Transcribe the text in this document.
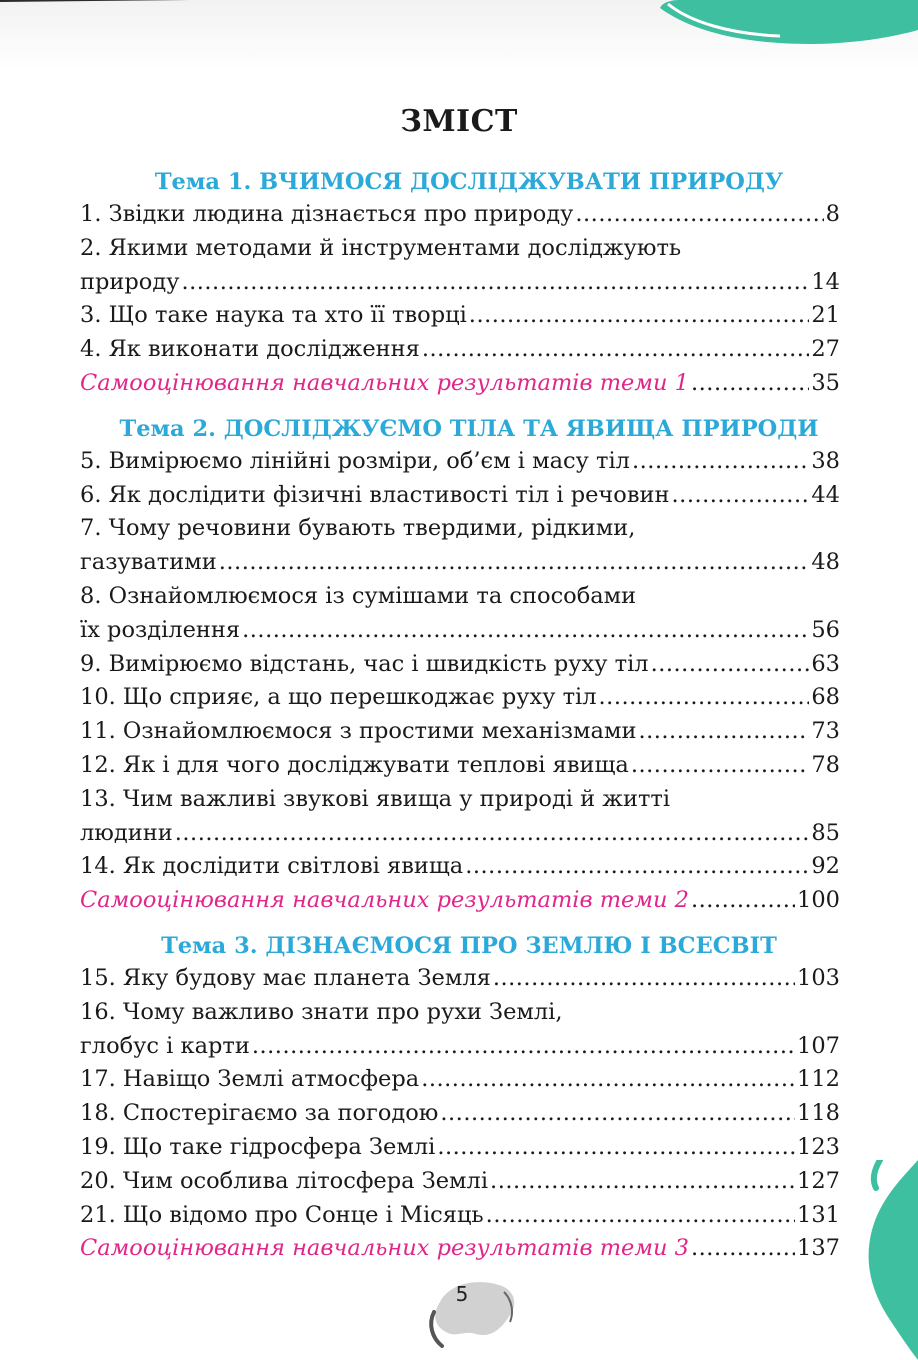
ЗМІСТ
Тема 1. ВЧИМОСЯ ДОСЛІДЖУВАТИ ПРИРОДУ
1. Звідки людина дізнається про природу .....	8
2. Якими методами й інструментами досліджують
природу .....	14
3. Що таке наука та хто її творці .....	21
4. Як виконати дослідження .....	27
Самооцінювання навчальних результатів теми 1 .....	35
Тема 2. ДОСЛІДЖУЄМО ТІЛА ТА ЯВИЩА ПРИРОДИ
5. Вимірюємо лінійні розміри, об’єм і масу тіл .....	38
6. Як дослідити фізичні властивості тіл і речовин .....	44
7. Чому речовини бувають твердими, рідкими,
газуватими .....	48
8. Ознайомлюємося із сумішами та способами
їх розділення .....	56
9. Вимірюємо відстань, час і швидкість руху тіл .....	63
10. Що сприяє, а що перешкоджає руху тіл .....	68
11. Ознайомлюємося з простими механізмами .....	73
12. Як і для чого досліджувати теплові явища .....	78
13. Чим важливі звукові явища у природі й житті
людини .....	85
14. Як дослідити світлові явища .....	92
Самооцінювання навчальних результатів теми 2 .....	100
Тема 3. ДІЗНАЄМОСЯ ПРО ЗЕМЛЮ І ВСЕСВІТ
15. Яку будову має планета Земля .....	103
16. Чому важливо знати про рухи Землі,
глобус і карти .....	107
17. Навіщо Землі атмосфера .....	112
18. Спостерігаємо за погодою .....	118
19. Що таке гідросфера Землі .....	123
20. Чим особлива літосфера Землі .....	127
21. Що відомо про Сонце і Місяць .....	131
Самооцінювання навчальних результатів теми 3 .....	137
5
